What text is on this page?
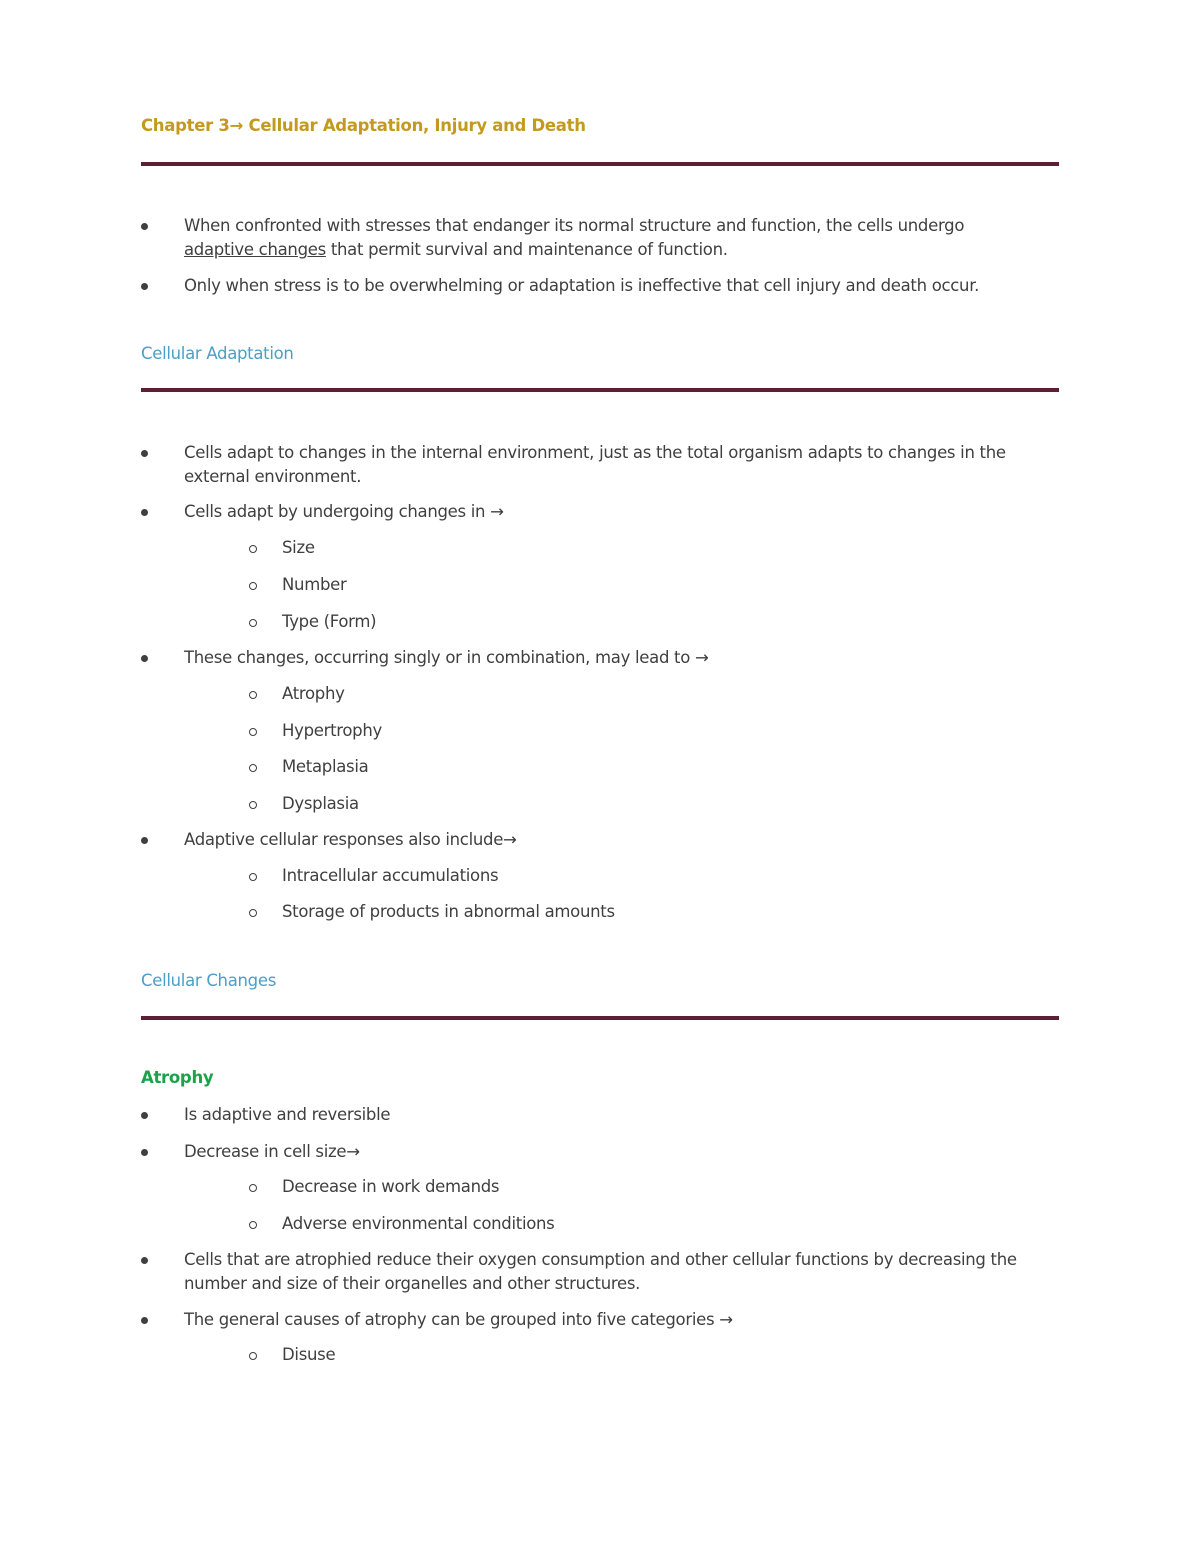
Chapter 3→ Cellular Adaptation, Injury and Death
When confronted with stresses that endanger its normal structure and function, the cells undergo adaptive changes that permit survival and maintenance of function.
Only when stress is to be overwhelming or adaptation is ineffective that cell injury and death occur.
Cellular Adaptation
Cells adapt to changes in the internal environment, just as the total organism adapts to changes in the external environment.
Cells adapt by undergoing changes in →
Size
Number
Type (Form)
These changes, occurring singly or in combination, may lead to →
Atrophy
Hypertrophy
Metaplasia
Dysplasia
Adaptive cellular responses also include→
Intracellular accumulations
Storage of products in abnormal amounts
Cellular Changes
Atrophy
Is adaptive and reversible
Decrease in cell size→
Decrease in work demands
Adverse environmental conditions
Cells that are atrophied reduce their oxygen consumption and other cellular functions by decreasing the number and size of their organelles and other structures.
The general causes of atrophy can be grouped into five categories →
Disuse
